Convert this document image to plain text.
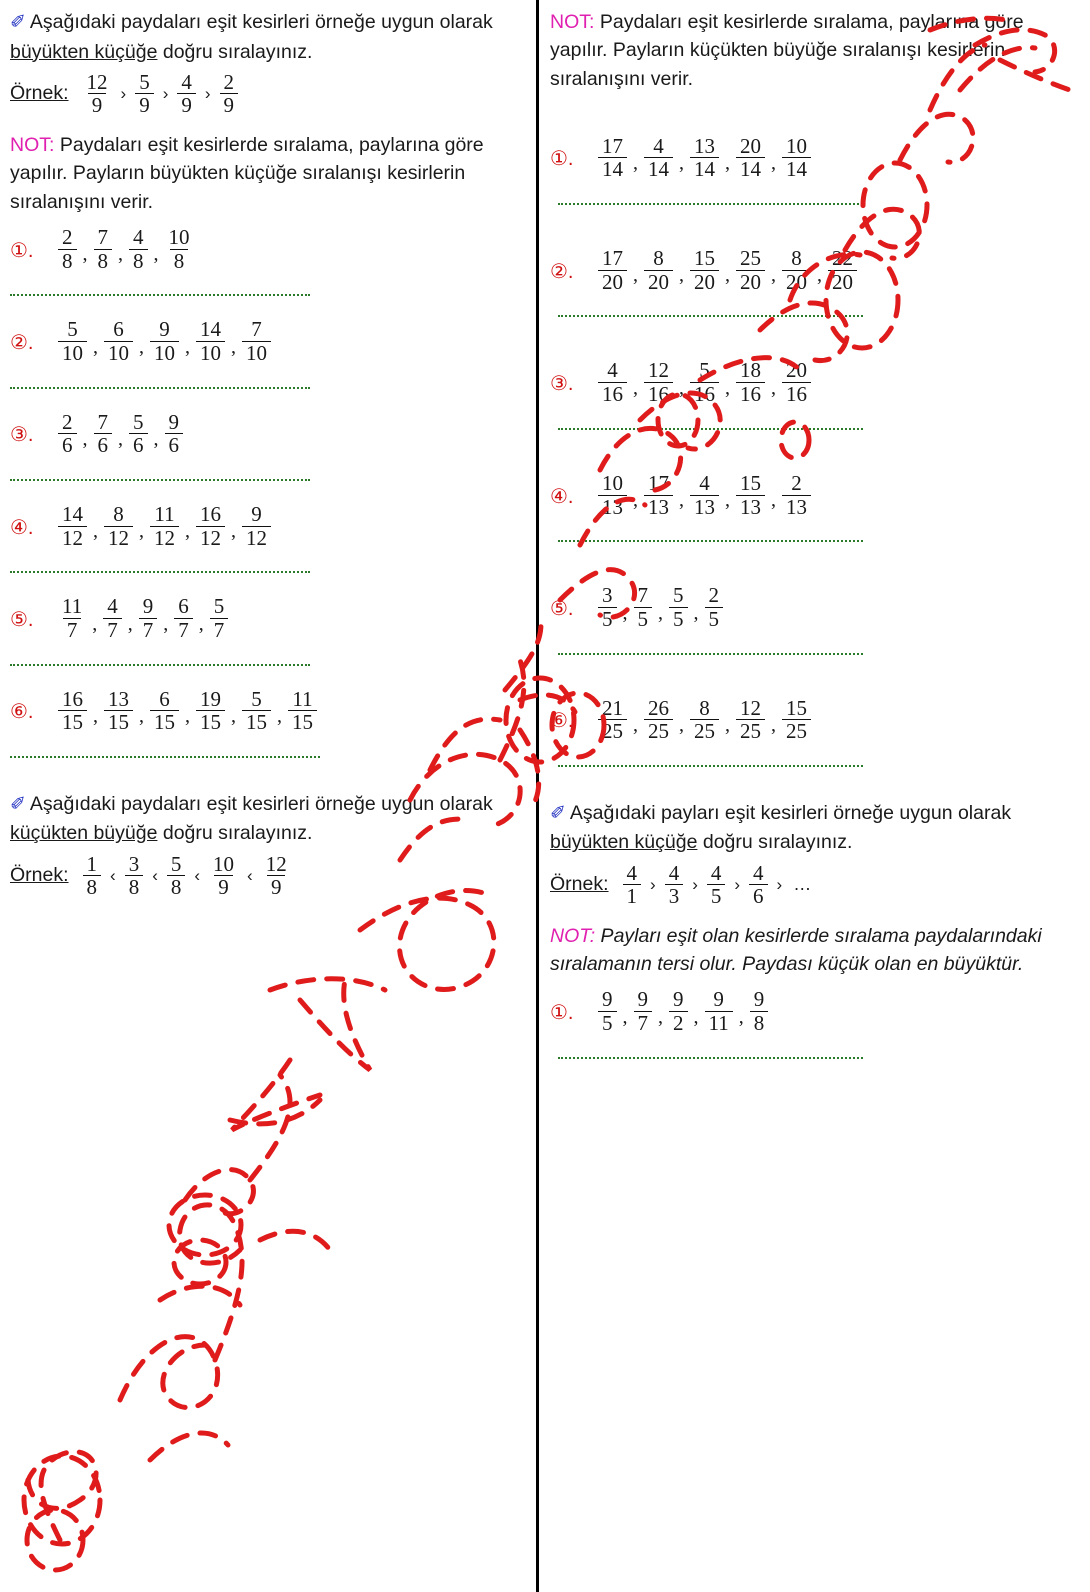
✐ Aşağıdaki paydaları eşit kesirleri örneğe uygun olarak büyükten küçüğe doğru sıralayınız.

Örnek: $\frac{12}{9}$ › $\frac{5}{9}$ › $\frac{4}{9}$ › $\frac{2}{9}$

NOT: Paydaları eşit kesirlerde sıralama, paylarına göre yapılır. Payların büyükten küçüğe sıralanışı kesirlerin sıralanışını verir.

①.	$\frac{2}{8}$ , $\frac{7}{8}$ , $\frac{4}{8}$ , $\frac{10}{8}$
②.	$\frac{5}{10}$ , $\frac{6}{10}$ , $\frac{9}{10}$ , $\frac{14}{10}$ , $\frac{7}{10}$
③.	$\frac{2}{6}$ , $\frac{7}{6}$ , $\frac{5}{6}$ , $\frac{9}{6}$
④.	$\frac{14}{12}$ , $\frac{8}{12}$ , $\frac{11}{12}$ , $\frac{16}{12}$ , $\frac{9}{12}$
⑤.	$\frac{11}{7}$ , $\frac{4}{7}$ , $\frac{9}{7}$ , $\frac{6}{7}$ , $\frac{5}{7}$
⑥.	$\frac{16}{15}$ , $\frac{13}{15}$ , $\frac{6}{15}$ , $\frac{19}{15}$ , $\frac{5}{15}$ , $\frac{11}{15}$

✐ Aşağıdaki paydaları eşit kesirleri örneğe uygun olarak küçükten büyüğe doğru sıralayınız.

Örnek: $\frac{1}{8}$ ‹ $\frac{3}{8}$ ‹ $\frac{5}{8}$ ‹ $\frac{10}{9}$ ‹ $\frac{12}{9}$

NOT: Paydaları eşit kesirlerde sıralama, paylarına göre yapılır. Payların küçükten büyüğe sıralanışı kesirlerin sıralanışını verir.

①.	$\frac{17}{14}$ , $\frac{4}{14}$ , $\frac{13}{14}$ , $\frac{20}{14}$ , $\frac{10}{14}$
②.	$\frac{17}{20}$ , $\frac{8}{20}$ , $\frac{15}{20}$ , $\frac{25}{20}$ , $\frac{8}{20}$ , $\frac{22}{20}$
③.	$\frac{4}{16}$ , $\frac{12}{16}$ , $\frac{5}{16}$ , $\frac{18}{16}$ , $\frac{20}{16}$
④.	$\frac{10}{13}$ , $\frac{17}{13}$ , $\frac{4}{13}$ , $\frac{15}{13}$ , $\frac{2}{13}$
⑤.	$\frac{3}{5}$ , $\frac{7}{5}$ , $\frac{5}{5}$ , $\frac{2}{5}$
⑥.	$\frac{21}{25}$ , $\frac{26}{25}$ , $\frac{8}{25}$ , $\frac{12}{25}$ , $\frac{15}{25}$

✐ Aşağıdaki payları eşit kesirleri örneğe uygun olarak büyükten küçüğe doğru sıralayınız.

Örnek: $\frac{4}{1}$ › $\frac{4}{3}$ › $\frac{4}{5}$ › $\frac{4}{6}$ › …

NOT: Payları eşit olan kesirlerde sıralama paydalarındaki sıralamanın tersi olur. Paydası küçük olan en büyüktür.

①.	$\frac{9}{5}$ , $\frac{9}{7}$ , $\frac{9}{2}$ , $\frac{9}{11}$ , $\frac{9}{8}$
